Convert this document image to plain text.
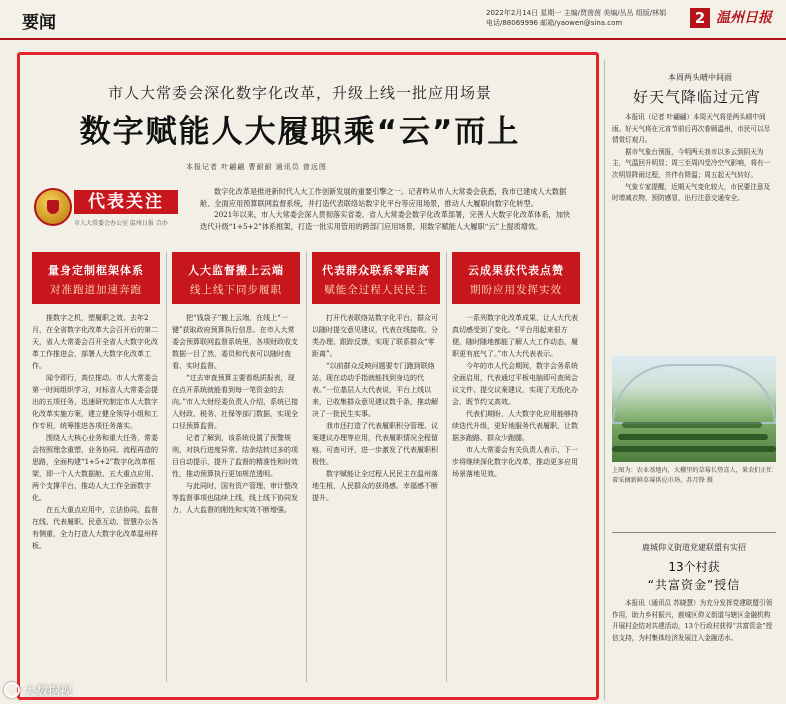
要闻	2022年2月14日 星期一 主编/贾茵茵 美编/丛丛 组版/林娟
电话/88069996 邮箱/yaowen@sina.com	2 温州日报
市人大常委会深化数字化改革，升级上线一批应用场景
数字赋能人大履职乘“云”而上
本报记者 叶翩翩 曹耐耐 通讯员 曾远图
代表关注
市人大常委会办公室 温州日报 合办

数字化改革是推进新时代人大工作创新发展的重要引擎之一。记者昨从市人大常委会获悉，我市已建成人大数据舱、全面应用预算联网监督系统，并打造代表联络站数字化平台等应用场景，推动人大履职向数字化转型。

2021年以来，市人大常委会深入贯彻落实省委、省人大常委会数字化改革部署，完善人大数字化改革体系，加快迭代升级“1+5+2”体系框架，打造一批实用管用的跨部门应用场景，用数字赋能人大履职“云”上提质增效。

量身定制框架体系
对准跑道加速奔跑

推数字之机，塑履职之效。去年2月，在全省数字化改革大会召开后的第二天，省人大常委会召开全省人大数字化改革工作推进会，部署人大数字化改革工作。

闻令即行，高位推动。市人大常委会第一时间组织学习，对标省人大常委会提出的五项任务，迅速研究制定市人大数字化改革实施方案，建立健全领导小组和工作专班，统筹推进各项任务落实。

围绕人大核心业务和重大任务，常委会按照理念重塑、业务协同、流程再造的思路，全面构建“1+5+2”数字化改革框架，即一个人大数据舱、五大重点应用、两个支撑平台，推动人大工作全面数字化。

在五大重点应用中，立法协同、监督在线、代表履职、民意互动、智慧办公各有侧重，全力打造人大数字化改革温州样板。

人大监督搬上云端
线上线下同步履职

把“钱袋子”搬上云端，在线上“一键”获取政府预算执行信息。在市人大常委会预算联网监督系统里，各项财政收支数据一目了然，委员和代表可以随时查看、实时监督。

“过去审查预算主要看纸质报表，现在点开系统就能看到每一笔资金的去向。”市人大财经委负责人介绍，系统已接入财政、税务、社保等部门数据，实现全口径预算监督。

记者了解到，该系统设置了预警规则，对执行进度异常、结余结转过多的项目自动提示，提升了监督的精准性和时效性，推动预算执行更加规范透明。

与此同时，国有资产管理、审计整改等监督事项也陆续上线，线上线下协同发力，人大监督的刚性和实效不断增强。

代表群众联系零距离
赋能全过程人民民主

打开代表联络站数字化平台，群众可以随时提交意见建议，代表在线接收、分类办理、跟踪反馈，实现了联系群众“零距离”。

“以前群众反映问题要专门跑到联络站，现在动动手指就能找到身边的代表。”一位基层人大代表说，平台上线以来，已收集群众意见建议数千条，推动解决了一批民生实事。

我市还打造了代表履职积分管理、议案建议办理等应用，代表履职情况全程留痕、可查可评，进一步激发了代表履职积极性。

数字赋能让全过程人民民主在温州落地生根，人民群众的获得感、幸福感不断提升。

云成果获代表点赞
期盼应用发挥实效

一系列数字化改革成果，让人大代表真切感受到了变化。“平台用起来很方便，随时随地都能了解人大工作动态，履职更有底气了。”市人大代表表示。

今年的市人代会期间，数字会务系统全面启用，代表通过平板电脑即可查阅会议文件、提交议案建议，实现了无纸化办会，既节约又高效。

代表们期盼，人大数字化应用能够持续迭代升级，更好地服务代表履职，让数据多跑路、群众少跑腿。

市人大常委会有关负责人表示，下一步将继续深化数字化改革，推动更多应用场景落地见效。

本周两头晴中间雨
好天气降临过元宵

本报讯（记者 叶翩翩）本周天气将是两头晴中间雨。好天气将在元宵节前后再次眷顾温州，市民可以尽情赏灯观月。

据市气象台预报，今明两天我市以多云到阴天为主，气温回升明显；周三至周四受冷空气影响，将有一次明显降雨过程，并伴有降温；周五起天气转好。

气象专家提醒，近期天气变化较大，市民要注意及时增减衣物，预防感冒，出行注意交通安全。

上图为：农业基地内，大棚里的草莓长势喜人，果农们正忙着采摘新鲜草莓供应市场。苏月锋 摄
鹿城仰义街道党建联盟有实招
13个村获
“共富资金”授信

本报讯（通讯员 苏晓慧）为充分发挥党建联盟引领作用，助力乡村振兴，鹿城区仰义街道与辖区金融机构开展村企结对共建活动，13个行政村获得“共富资金”授信支持，为村集体经济发展注入金融活水。

大数据视
